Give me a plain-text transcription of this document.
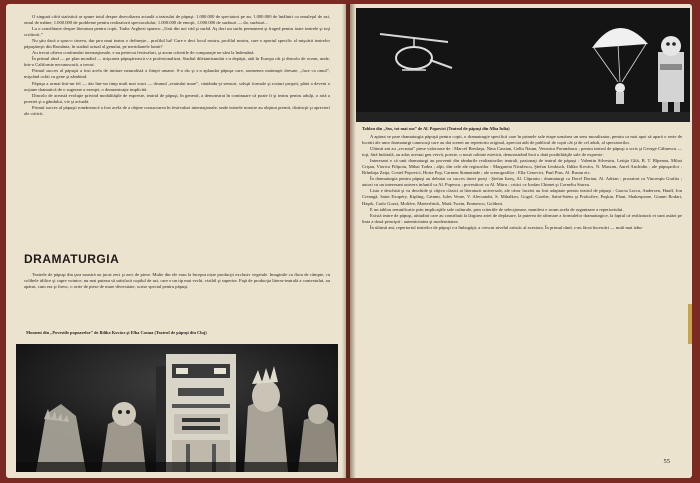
O singură cifră statistică ar spune totul despre dezvoltarea actuală a teatrului de păpuşi: 1.000.000 de spectatori pe an, 1.000.000 de întâlniri cu omuleţul de azi, omul de mâine; 1.000.000 de probleme pentru realizatorii spectacolului; 1.000.000 de emoţii, 1.000.000 de surâsuri — da, surâsuri...

La o consfătuire despre literatura pentru copii, Tudor Arghezi spunea: „Unii din noi văd şi surâd. Aş dori un surâs permanent şi fraged pentru toate teatrele şi toţi scriitorii.”

Nu ştiu dacă a spus-o cineva, dar ţara unui teatru o defineşte... profilul lui! Care e deci locul nostru, profilul nostru, care e aportul specific al mişcării teatrelor păpuşăreşti din România, în stadiul actual al genului, pe meridianele lumii?

Au trecut câteva confruntări internaţionale, s-au petrecut festivaluri, şi acum criteriile de comparaţie ne sânt la îndemână.

În primul rând — pe plan mondial — mişcarea păpuşărească s-a profesionalizat. Stadiul diletantismului s-a depăşit, atât în Europa cât şi dincolo de ocean, unde, într-o Californie necunoscută, a trecut.

Primul succes al păpuşii a fost acela de imitare naturalistă a fiinţei umane. S-a râs şi s-a aplaudat păpuşa care, asemenea maimuţei dresate, „face ca omul”, mişcând ochii cu gene şi zâmbind.

Păpuşa a urmat într-un fel — dar într-un timp mult mai scurt — drumul „teatrului mare”, căutându-şi sensuri, soluţii formale şi rosturi proprii, până a deveni o acţiune dramatică de o sugerare a esenţei, o demonstraţie implicită.

Dincolo de această evoluţie privind modalităţile de expresie, teatrul de păpuşi, în general, a demonstrat în continuare că poate fi şi teatru pentru adulţi, o artă a poeziei şi a gândului, vie şi actuală.

Primul succes al păpuşii românească a fost acela de a obţine consacrarea în festivaluri internaţionale, unde teatrele noastre au obţinut premii, distincţii şi aprecieri ale criticii.

DRAMATURGIA

Teatrele de păpuşi din ţara noastră au jucat zeci şi zeci de piese. Multe din ele erau la început niște producţii exclusiv vegetale. Imaginile cu flora de câmpie, cu colibele idilice şi capre voinice, nu mai puteau să satisfacă copilul de azi, care e un tip mai vechi, vizibil şi superior. Faţă de producţia literar-teatrală a contextului, au apărut, cum era şi firesc, o serie de piese de mare diversitate, scrise special pentru păpuşi.

Moment din „Povestile popoarelor” de Ildiko Kovács şi Elba Cosma (Teatrul de păpuşi din Cluj)

Tablou din „Sus, tot mai sus” de Al. Popovici (Teatrul de păpuşi din Alba Iulia)

A apărut se pare dramaturgia păpuşii pentru copii, o dramaturgie specifică care în primele sale etape urmărea un sens moralizator, pentru ca mai apoi să apară o serie de lucrări ale unor dramaturgi cunoscuţi care au dat scenei un repertoriu original, apreciat atât de publicul de copii cât şi de cel adult, al spectatorilor.

Ultimii ani au „recrutat” piese valoroase de : Marcel Breslaşu, Nina Cassian, Gellu Naum, Veronica Porumbacu ; pentru teatrul de păpuşi a scris şi George Călinescu — toţi, fără îndoială, au adus acestui gen vervă, poezie, o nouă calitate estetică, demonstrând încă o dată posibilităţile sale de expresie.

Interesant e că unii dramaturgi au provenit din rândurile realizatorilor teatrali, pasionaţi de teatrul de păpuşi : Valentin Silvestru, Letiţia Gîtă, B. T. Rîpeanu, Mihai Crişan, Viorica Filipoiu, Mihai Todea ; alţii, din cele ale regizorilor : Margareta Niculescu, Ştefan Lenkisch, Ildiko Kovács, N. Massim, Aurel Anchidin ; ale păpuşarilor : Brînduşa Zaiţa, Costel Popovici, Horia Pop, Carmen Stamatiade ; ale scenografilor : Ella Cenovici, Paul Pius, Al. Rusan etc.

În dramaturgia pentru păpuşi au debutat cu succes tineri poeţi : Ştefan Iureş, Al. Căprariu ; dramaturgi ca Dorel Dorian, Al. Adrian ; prozatori ca Vincenţiu Grafiia ; autori cu un interesant univers infantil ca Al. Popescu ; povestitori ca Al. Mitru ; critici ca Iordan Chimet şi Corneliu Sturzu.

Lista e deschisă şi va deschide şi câţiva clasici ai literaturii universale, ale căror lucrări au fost adaptate pentru teatrul de păpuşi : Garcia Lorca, Andersen, Hauff, Ion Creangă, Saint Exupéry, Kipling, Grimm, Jules Verne, V. Alecsandri, S. Mihalkov, Gogol, Goethe, Saint-Saëns şi Prokofiev, Puşkin, Plaut, Shakespeare, Gianni Rodari, Haşek, Carlo Gozzi, Molière, Maeterlinck, Mark Twain, Eminescu, Goldoni.

E un tablou semnificativ prin implicaţiile sale culturale, prin criteriile de selecţionare, manifest e acum acela de organizare a repertoriului.

Există teatre de păpuşi, atitudini care au contribuit la lărgirea ariei de deplasare, la puterea de afirmare a formulelor dramaturgice, la faptul că realizatorii ei sunt astăzi pe linia a două principii : autenticitatea şi modernitatea.

În ultimii ani, repertoriul teatrelor de păpuşi s-a îmbogăţit, a crescut nivelul artistic al acestora. În primul rând, s-au făcut încercări — mult mai izbu-

55
